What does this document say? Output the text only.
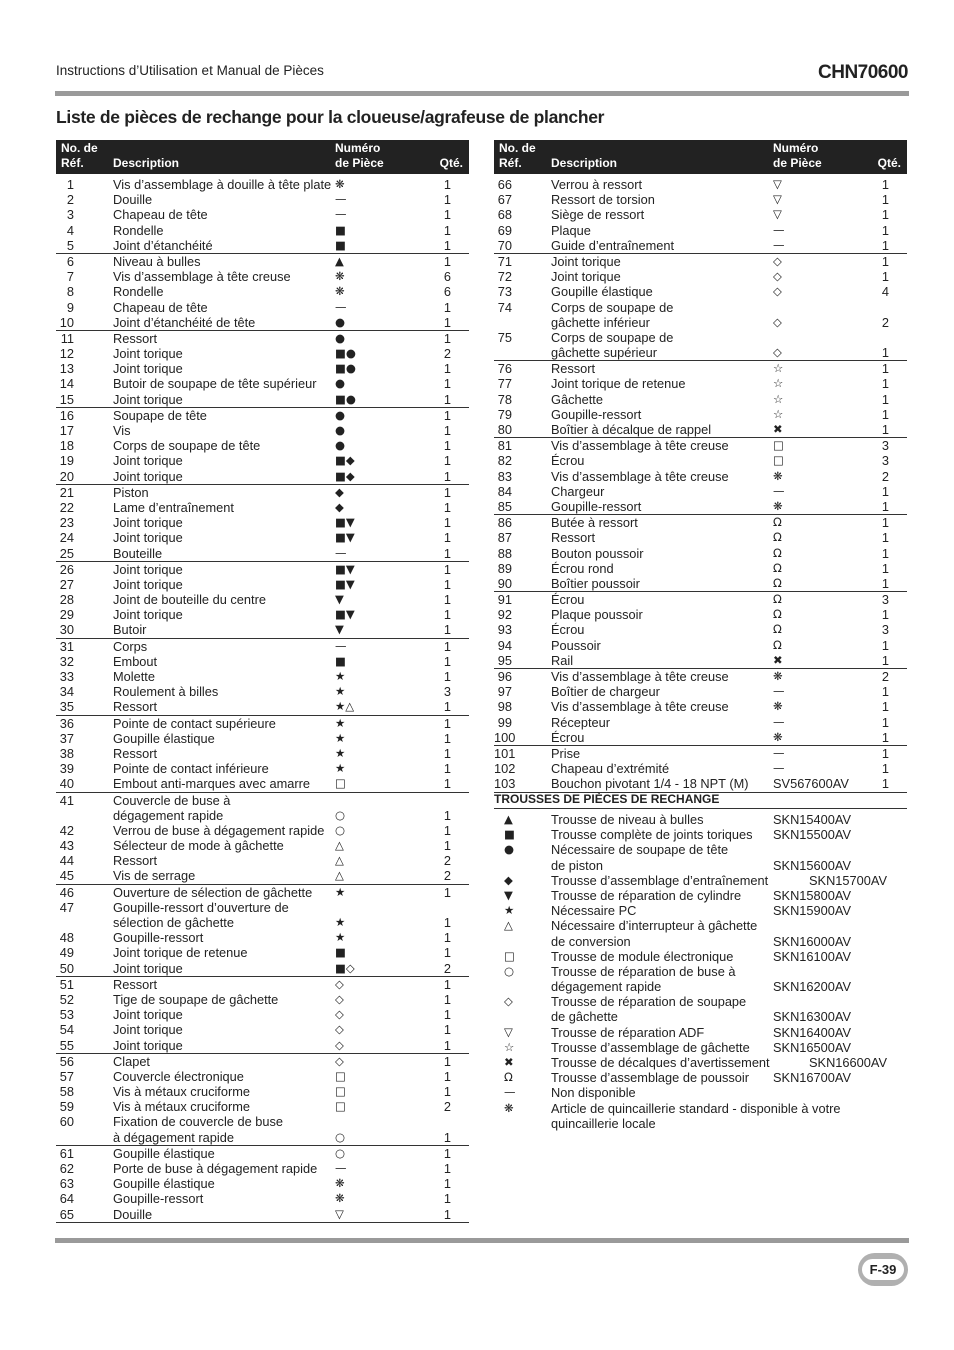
Instructions d’Utilisation et Manual de Pièces	CHN70600
Liste de pièces de rechange pour la cloueuse/agrafeuse de plancher
No. de
Réf.	Description
Numéro
de Pièce	Qté.
1	Vis d’assemblage à douille à tête plate ❋	1
2	Douille	—	1
3	Chapeau de tête	—	1
4	Rondelle	■	1
5	Joint d’étanchéité	■	1
6	Niveau à bulles	▲	1
7	Vis d’assemblage à tête creuse	❋	6
8	Rondelle	❋	6
9	Chapeau de tête	—	1
10	Joint d’étanchéité de tête	●	1
11	Ressort	●	1
12	Joint torique	■●	2
13	Joint torique	■●	1
14	Butoir de soupape de tête supérieur ●	1
15	Joint torique	■●	1
16	Soupape de tête	●	1
17	Vis	●	1
18	Corps de soupape de tête	●	1
19	Joint torique	■◆	1
20	Joint torique	■◆	1
21	Piston	◆	1
22	Lame d’entraînement	◆	1
23	Joint torique	■▼	1
24	Joint torique	■▼	1
25	Bouteille	—	1
26	Joint torique	■▼	1
27	Joint torique	■▼	1
28	Joint de bouteille du centre	▼	1
29	Joint torique	■▼	1
30	Butoir	▼	1
31	Corps	—	1
32	Embout	■	1
33	Molette	★	1
34	Roulement à billes	★	3
35	Ressort	★△	1
36	Pointe de contact supérieure	★	1
37	Goupille élastique	★	1
38	Ressort	★	1
39	Pointe de contact inférieure	★	1
40	Embout anti-marques avec amarre □	1
41	Couvercle de buse à
dégagement rapide	○	1
42	Verrou de buse à dégagement rapide ○	1
43	Sélecteur de mode à gâchette	△	1
44	Ressort	△	2
45	Vis de serrage	△	2
46	Ouverture de sélection de gâchette ★	1
47	Goupille-ressort d’ouverture de
sélection de gâchette	★	1
48	Goupille-ressort	★	1
49	Joint torique de retenue	■	1
50	Joint torique	■◇	2
51	Ressort	◇	1
52	Tige de soupape de gâchette	◇	1
53	Joint torique	◇	1
54	Joint torique	◇	1
55	Joint torique	◇	1
56	Clapet	◇	1
57	Couvercle électronique	□	1
58	Vis à métaux cruciforme	□	1
59	Vis à métaux cruciforme	□	2
60	Fixation de couvercle de buse
à dégagement rapide	○	1
61	Goupille élastique	○	1
62	Porte de buse à dégagement rapide —	1
63	Goupille élastique	❋	1
64	Goupille-ressort	❋	1
65	Douille	▽	1
No. de
Réf.	Description
Numéro
de Pièce	Qté.
66	Verrou à ressort	▽	1
67	Ressort de torsion	▽	1
68	Siège de ressort	▽	1
69	Plaque	—	1
70	Guide d’entraînement	—	1
71	Joint torique	◇	1
72	Joint torique	◇	1
73	Goupille élastique	◇	4
74	Corps de soupape de
gâchette inférieur	◇	2
75	Corps de soupape de
gâchette supérieur	◇	1
76	Ressort	☆	1
77	Joint torique de retenue	☆	1
78	Gâchette	☆	1
79	Goupille-ressort	☆	1
80	Boîtier à décalque de rappel	✖	1
81	Vis d’assemblage à tête creuse	□	3
82	Écrou	□	3
83	Vis d’assemblage à tête creuse	❋	2
84	Chargeur	—	1
85	Goupille-ressort	❋	1
86	Butée à ressort	Ω	1
87	Ressort	Ω	1
88	Bouton poussoir	Ω	1
89	Écrou rond	Ω	1
90	Boîtier poussoir	Ω	1
91	Écrou	Ω	3
92	Plaque poussoir	Ω	1
93	Écrou	Ω	3
94	Poussoir	Ω	1
95	Rail	✖	1
96	Vis d’assemblage à tête creuse	❋	2
97	Boîtier de chargeur	—	1
98	Vis d’assemblage à tête creuse	❋	1
99	Récepteur	—	1
100	Écrou	❋	1
101	Prise	—	1
102	Chapeau d’extrémité	—	1
103	Bouchon pivotant 1/4 - 18 NPT (M) SV567600AV	1
TROUSSES DE PIÈCES DE RECHANGE
▲	Trousse de niveau à bulles	SKN15400AV
■	Trousse complète de joints toriques SKN15500AV
●	Nécessaire de soupape de tête
de piston	SKN15600AV
◆	Trousse d’assemblage d’entraînement	SKN15700AV
▼	Trousse de réparation de cylindre SKN15800AV
★	Nécessaire PC	SKN15900AV
△	Nécessaire d’interrupteur à gâchette
de conversion	SKN16000AV
□	Trousse de module électronique	SKN16100AV
○	Trousse de réparation de buse à
dégagement rapide	SKN16200AV
◇	Trousse de réparation de soupape
de gâchette	SKN16300AV
▽	Trousse de réparation ADF	SKN16400AV
☆	Trousse d’assemblage de gâchette SKN16500AV
✖	Trousse de décalques d’avertissement	SKN16600AV
Ω	Trousse d’assemblage de poussoir SKN16700AV
—	Non disponible
❋	Article de quincaillerie standard - disponible à votre
quincaillerie locale
F-39
